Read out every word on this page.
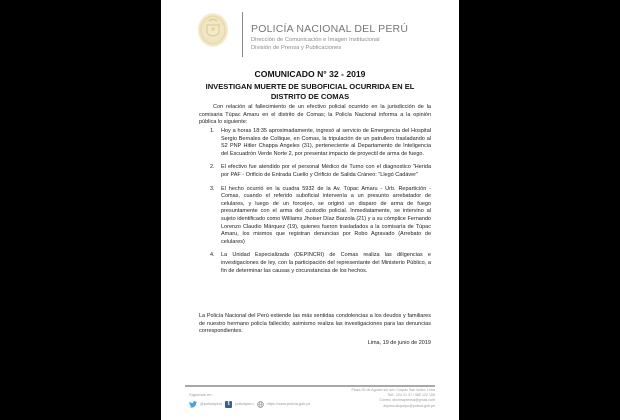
POLICÍA NACIONAL DEL PERÚ
Dirección de Comunicación e Imagen Institucional
División de Prensa y Publicaciones
COMUNICADO N° 32 - 2019
INVESTIGAN MUERTE DE SUBOFICIAL OCURRIDA EN EL
DISTRITO DE COMAS
Con relación al fallecimiento de un efectivo policial ocurrido en la jurisdicción de la comisaria Túpac Amaru en el distrito de Comas; la Policía Nacional informa a la opinión pública lo siguiente:
1. Hoy a horas 18:35 aproximadamente, ingresó al servicio de Emergencia del Hospital Sergio Bernales de Collique, en Comas, la tripulación de un patrullero trasladando al S2 PNP Hitler Chappa Angeles (31), perteneciente al Departamento de Inteligencia del Escuadrón Verde Norte 2, por presentar impacto de proyectil de arma de fuego.
2. El efectivo fue atendido por el personal Médico de Turno con el diagnostico "Herida por PAF - Orificio de Entrada Cuello y Orificio de Salida Cráneo: "Llegó Cadáver"
3. El hecho ocurrió en la cuadra 5932 de la Av. Túpac Amaru - Urb. Repartición - Comas, cuando el referido suboficial intervenía a un presunto arrebatador de celulares, y luego de un forcejeo, se originó un disparo de arma de fuego presuntamente con el arma del custodio policial. Inmediatamente, se intervino al sujeto identificado como Williams Jhoiser Díaz Barzola (21) y a su cómplice Fernando Lorenzo Claudio Márquez (19), quienes fueron trasladados a la comisaría de Túpac Amaru, los mismos que registran denuncias por Robo Agravado (Arrebato de celulares)
4. La Unidad Especializada (DEPINCRI) de Comas realiza las diligencias e investigaciones de ley, con la participación del representante del Ministerio Público, a fin de determinar las causas y circunstancias de los hechos.
La Policía Nacional del Perú extiende las más sentidas condolencias a los deudos y familiares de nuestro hermano policía fallecido; asimismo realiza las investigaciones para las denuncias correspondientes.
Lima, 19 de junio de 2019
Síguenos en:
@policiaperu t	policiaperu	https://www.policia.gob.pe
Plaza 30 de Agosto s/n urb. Corpac San Isidro, Lima
Telf.: 224 21 37 / 980 122 108
Correo: dircimaprensa@gmail.com
dirpma-dicprepu@policia.gob.pe
